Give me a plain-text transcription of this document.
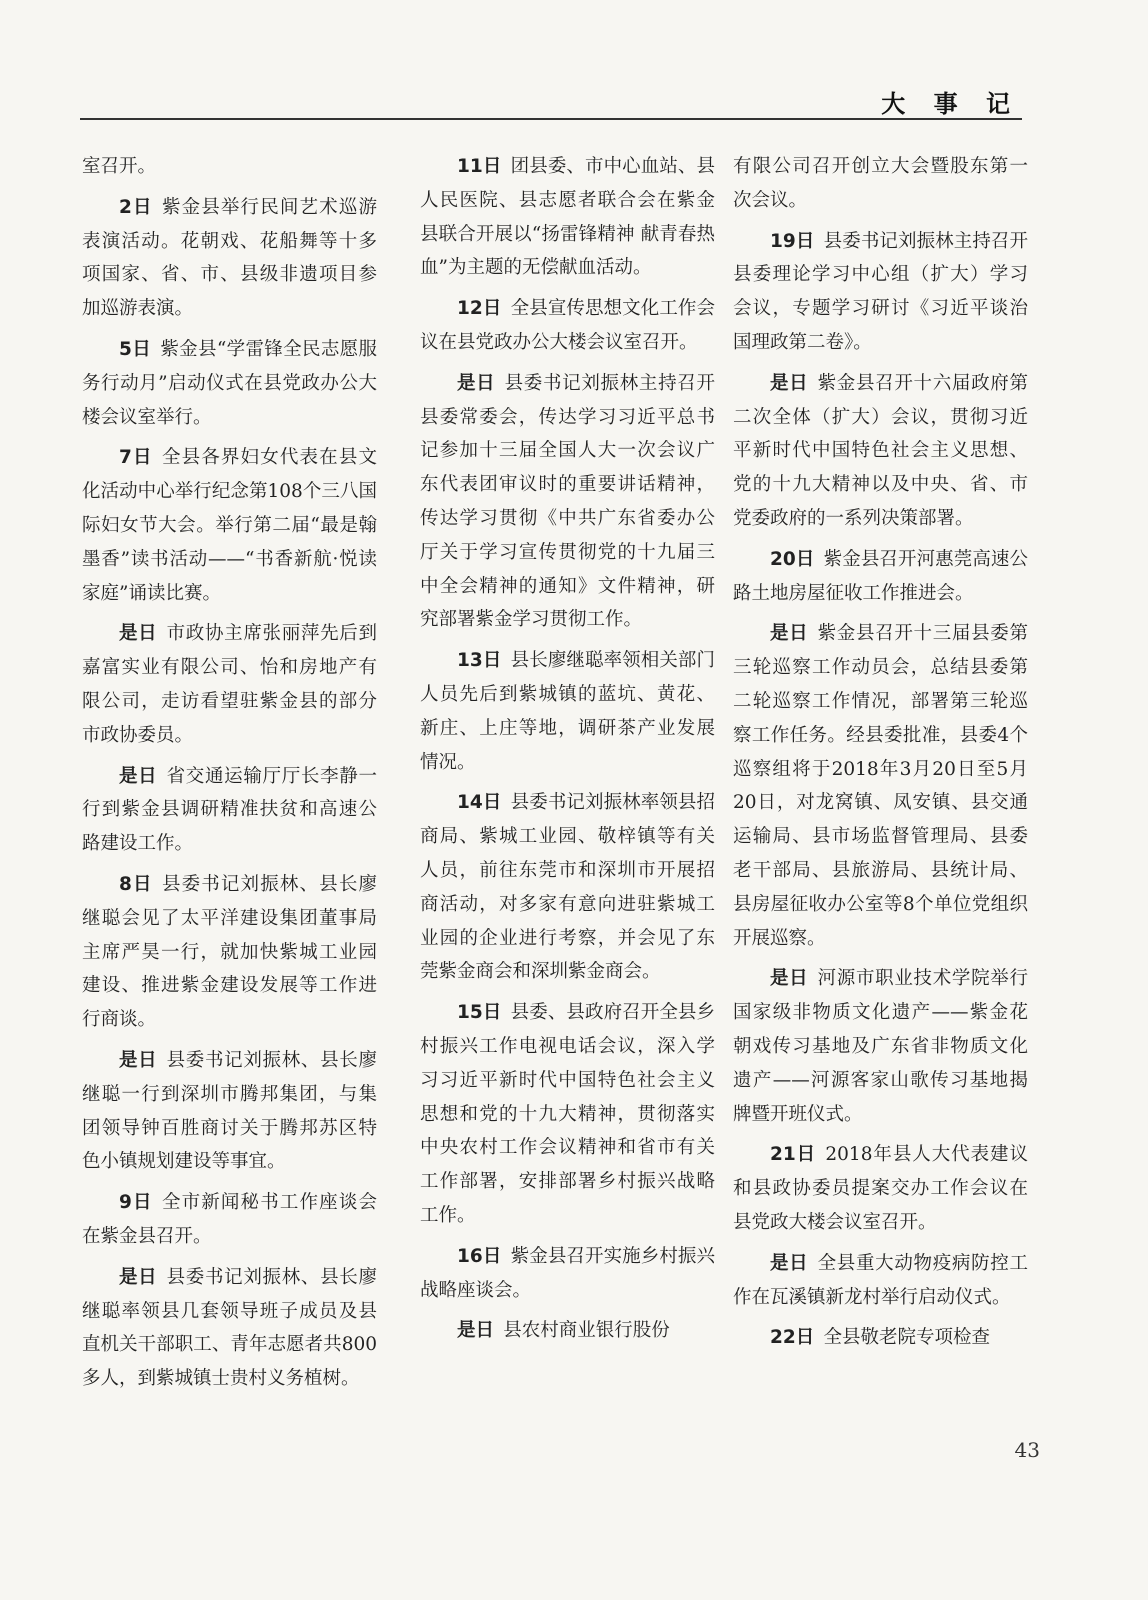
大 事 记

室召开。

2日 紫金县举行民间艺术巡游表演活动。花朝戏、花船舞等十多项国家、省、市、县级非遗项目参加巡游表演。

5日 紫金县“学雷锋全民志愿服务行动月”启动仪式在县党政办公大楼会议室举行。

7日 全县各界妇女代表在县文化活动中心举行纪念第108个三八国际妇女节大会。举行第二届“最是翰墨香”读书活动——“书香新航·悦读家庭”诵读比赛。

是日 市政协主席张丽萍先后到嘉富实业有限公司、怡和房地产有限公司，走访看望驻紫金县的部分市政协委员。

是日 省交通运输厅厅长李静一行到紫金县调研精准扶贫和高速公路建设工作。

8日 县委书记刘振林、县长廖继聪会见了太平洋建设集团董事局主席严昊一行，就加快紫城工业园建设、推进紫金建设发展等工作进行商谈。

是日 县委书记刘振林、县长廖继聪一行到深圳市腾邦集团，与集团领导钟百胜商讨关于腾邦苏区特色小镇规划建设等事宜。

9日 全市新闻秘书工作座谈会在紫金县召开。

是日 县委书记刘振林、县长廖继聪率领县几套领导班子成员及县直机关干部职工、青年志愿者共800多人，到紫城镇士贵村义务植树。

11日 团县委、市中心血站、县人民医院、县志愿者联合会在紫金县联合开展以“扬雷锋精神 献青春热血”为主题的无偿献血活动。

12日 全县宣传思想文化工作会议在县党政办公大楼会议室召开。

是日 县委书记刘振林主持召开县委常委会，传达学习习近平总书记参加十三届全国人大一次会议广东代表团审议时的重要讲话精神，传达学习贯彻《中共广东省委办公厅关于学习宣传贯彻党的十九届三中全会精神的通知》文件精神，研究部署紫金学习贯彻工作。

13日 县长廖继聪率领相关部门人员先后到紫城镇的蓝坑、黄花、新庄、上庄等地，调研茶产业发展情况。

14日 县委书记刘振林率领县招商局、紫城工业园、敬梓镇等有关人员，前往东莞市和深圳市开展招商活动，对多家有意向进驻紫城工业园的企业进行考察，并会见了东莞紫金商会和深圳紫金商会。

15日 县委、县政府召开全县乡村振兴工作电视电话会议，深入学习习近平新时代中国特色社会主义思想和党的十九大精神，贯彻落实中央农村工作会议精神和省市有关工作部署，安排部署乡村振兴战略工作。

16日 紫金县召开实施乡村振兴战略座谈会。

是日 县农村商业银行股份

有限公司召开创立大会暨股东第一次会议。

19日 县委书记刘振林主持召开县委理论学习中心组（扩大）学习会议，专题学习研讨《习近平谈治国理政第二卷》。

是日 紫金县召开十六届政府第二次全体（扩大）会议，贯彻习近平新时代中国特色社会主义思想、党的十九大精神以及中央、省、市党委政府的一系列决策部署。

20日 紫金县召开河惠莞高速公路土地房屋征收工作推进会。

是日 紫金县召开十三届县委第三轮巡察工作动员会，总结县委第二轮巡察工作情况，部署第三轮巡察工作任务。经县委批准，县委4个巡察组将于2018年3月20日至5月20日，对龙窝镇、凤安镇、县交通运输局、县市场监督管理局、县委老干部局、县旅游局、县统计局、县房屋征收办公室等8个单位党组织开展巡察。

是日 河源市职业技术学院举行国家级非物质文化遗产——紫金花朝戏传习基地及广东省非物质文化遗产——河源客家山歌传习基地揭牌暨开班仪式。

21日 2018年县人大代表建议和县政协委员提案交办工作会议在县党政大楼会议室召开。

是日 全县重大动物疫病防控工作在瓦溪镇新龙村举行启动仪式。

22日 全县敬老院专项检查

43
